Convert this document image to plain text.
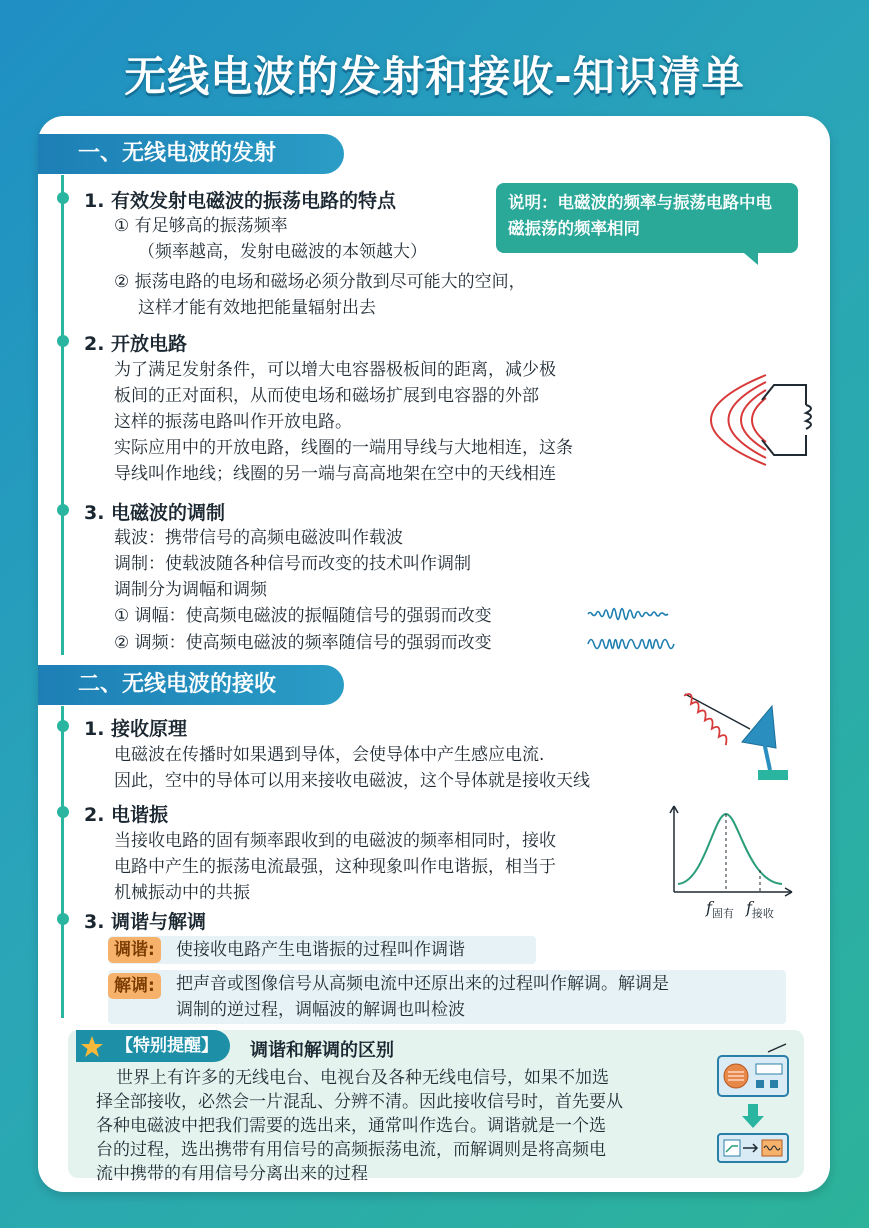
无线电波的发射和接收-知识清单
一、无线电波的发射
1. 有效发射电磁波的振荡电路的特点
① 有足够高的振荡频率
（频率越高，发射电磁波的本领越大）
② 振荡电路的电场和磁场必须分散到尽可能大的空间，
这样才能有效地把能量辐射出去
说明：电磁波的频率与振荡电路中电磁振荡的频率相同
2. 开放电路
为了满足发射条件，可以增大电容器极板间的距离，减少极
板间的正对面积，从而使电场和磁场扩展到电容器的外部
这样的振荡电路叫作开放电路。
实际应用中的开放电路，线圈的一端用导线与大地相连，这条
导线叫作地线；线圈的另一端与高高地架在空中的天线相连
3. 电磁波的调制
载波：携带信号的高频电磁波叫作载波
调制：使载波随各种信号而改变的技术叫作调制
调制分为调幅和调频
① 调幅：使高频电磁波的振幅随信号的强弱而改变
② 调频：使高频电磁波的频率随信号的强弱而改变
二、无线电波的接收
1. 接收原理
电磁波在传播时如果遇到导体，会使导体中产生感应电流.
因此，空中的导体可以用来接收电磁波，这个导体就是接收天线
2. 电谐振
当接收电路的固有频率跟收到的电磁波的频率相同时，接收
电路中产生的振荡电流最强，这种现象叫作电谐振，相当于
机械振动中的共振
$f_{固有}$ $f_{接收}$
3. 调谐与解调
调谐:	使接收电路产生电谐振的过程叫作调谐
解调:	把声音或图像信号从高频电流中还原出来的过程叫作解调。解调是
调制的逆过程，调幅波的解调也叫检波
【特别提醒】	调谐和解调的区别
世界上有许多的无线电台、电视台及各种无线电信号，如果不加选
择全部接收，必然会一片混乱、分辨不清。因此接收信号时，首先要从
各种电磁波中把我们需要的选出来，通常叫作选台。调谐就是一个选
台的过程，选出携带有用信号的高频振荡电流，而解调则是将高频电
流中携带的有用信号分离出来的过程
